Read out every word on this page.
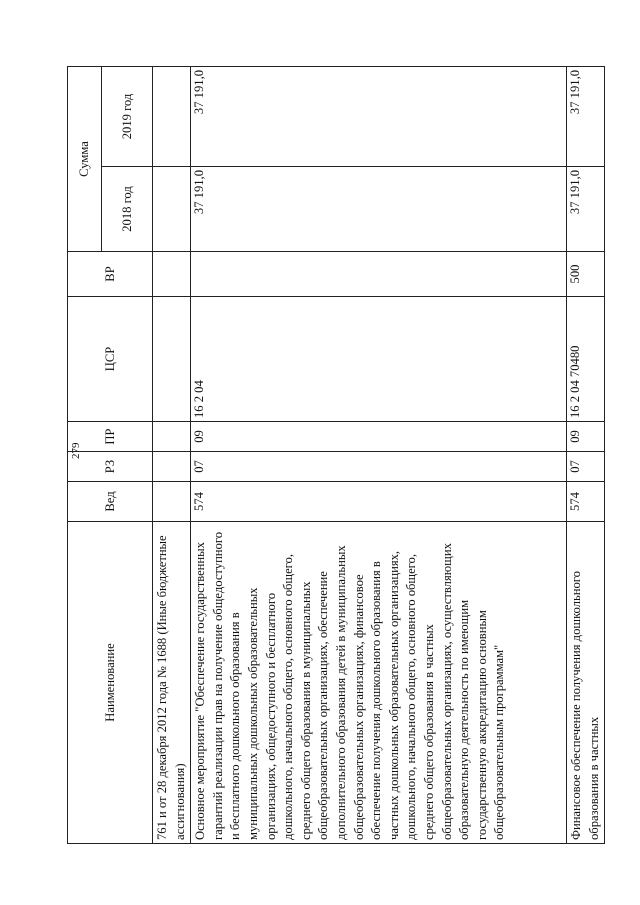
279
Наименование	Вед	РЗ	ПР	ЦСР	ВР	Сумма	
						2018 год	2019 год
761 и от 28 декабря 2012 года № 1688 (Иные бюджетные ассигнования)							
Основное мероприятие "Обеспечение государственных гарантий реализации прав на получение общедоступного и бесплатного дошкольного образования в муниципальных дошкольных образовательных организациях, общедоступного и бесплатного дошкольного, начального общего, основного общего, среднего общего образования в муниципальных общеобразовательных организациях, обеспечение дополнительного образования детей в муниципальных общеобразовательных организациях, финансовое обеспечение получения дошкольного образования в частных дошкольных образовательных организациях, дошкольного, начального общего, основного общего, среднего общего образования в частных общеобразовательных организациях, осуществляющих образовательную деятельность по имеющим государственную аккредитацию основным общеобразовательным программам"	574	07	09	16 2 04		37 191,0	37 191,0
Финансовое обеспечение получения дошкольного образования в частных	574	07	09	16 2 04 70480	500	37 191,0	37 191,0
